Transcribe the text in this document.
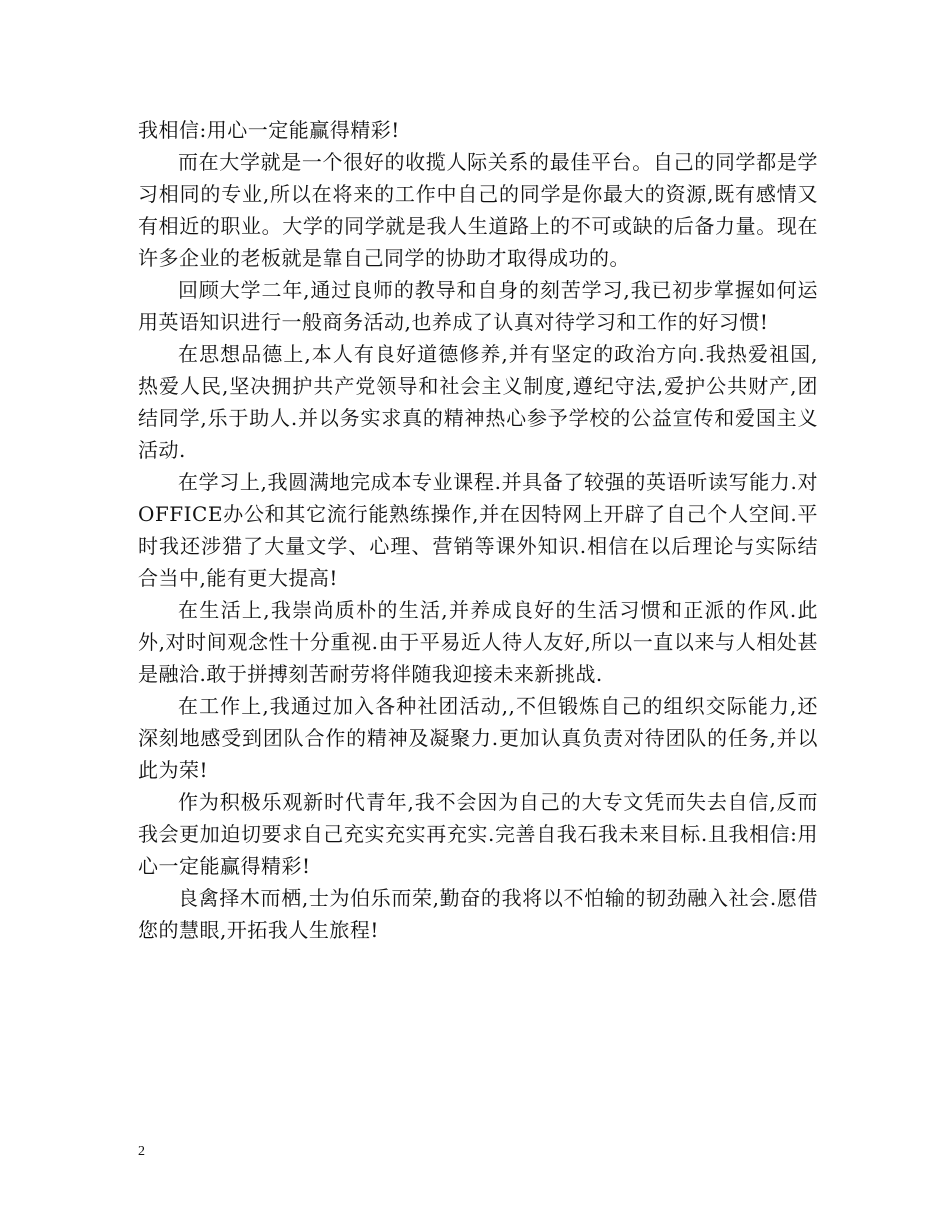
我相信:用心一定能赢得精彩!

而在大学就是一个很好的收揽人际关系的最佳平台。自己的同学都是学习相同的专业,所以在将来的工作中自己的同学是你最大的资源,既有感情又有相近的职业。大学的同学就是我人生道路上的不可或缺的后备力量。现在许多企业的老板就是靠自己同学的协助才取得成功的。

回顾大学二年,通过良师的教导和自身的刻苦学习,我已初步掌握如何运用英语知识进行一般商务活动,也养成了认真对待学习和工作的好习惯!

在思想品德上,本人有良好道德修养,并有坚定的政治方向.我热爱祖国,热爱人民,坚决拥护共产党领导和社会主义制度,遵纪守法,爱护公共财产,团结同学,乐于助人.并以务实求真的精神热心参予学校的公益宣传和爱国主义活动.

在学习上,我圆满地完成本专业课程.并具备了较强的英语听读写能力.对OFFICE办公和其它流行能熟练操作,并在因特网上开辟了自己个人空间.平时我还涉猎了大量文学、心理、营销等课外知识.相信在以后理论与实际结合当中,能有更大提高!

在生活上,我崇尚质朴的生活,并养成良好的生活习惯和正派的作风.此外,对时间观念性十分重视.由于平易近人待人友好,所以一直以来与人相处甚是融洽.敢于拼搏刻苦耐劳将伴随我迎接未来新挑战.

在工作上,我通过加入各种社团活动,,不但锻炼自己的组织交际能力,还深刻地感受到团队合作的精神及凝聚力.更加认真负责对待团队的任务,并以此为荣!

作为积极乐观新时代青年,我不会因为自己的大专文凭而失去自信,反而我会更加迫切要求自己充实充实再充实.完善自我石我未来目标.且我相信:用心一定能赢得精彩!

良禽择木而栖,士为伯乐而荣,勤奋的我将以不怕输的韧劲融入社会.愿借您的慧眼,开拓我人生旅程!

2
